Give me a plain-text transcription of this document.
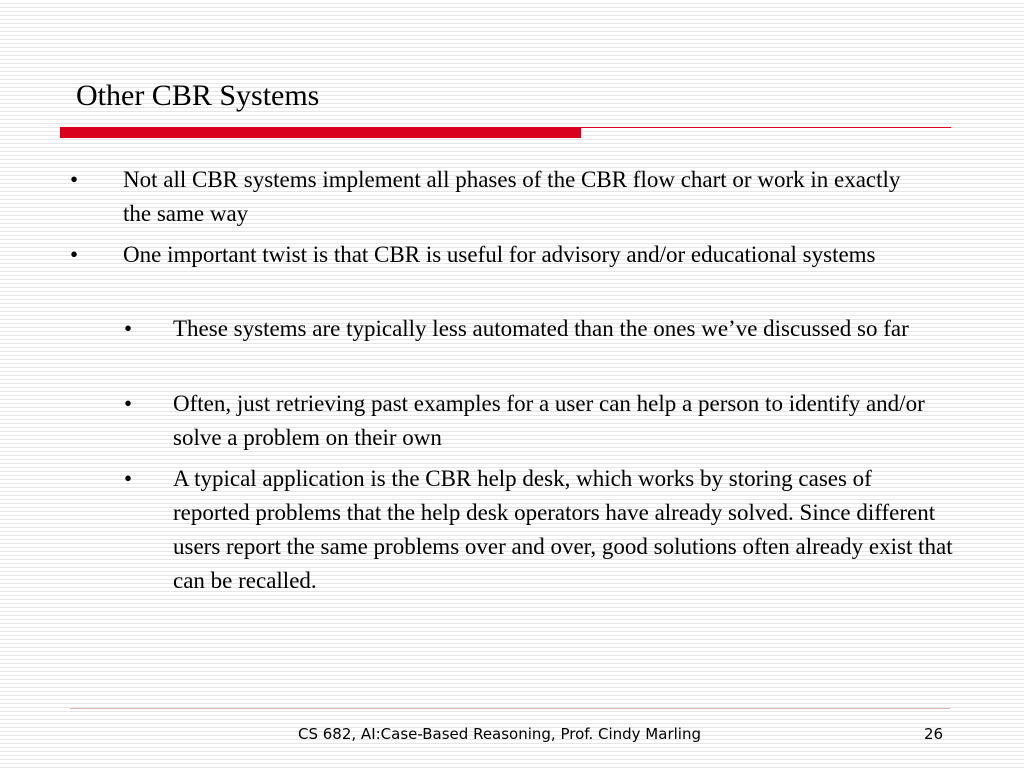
Other CBR Systems
• Not all CBR systems implement all phases of the CBR flow chart or work in exactly the same way
• One important twist is that CBR is useful for advisory and/or educational systems
• These systems are typically less automated than the ones we’ve discussed so far
• Often, just retrieving past examples for a user can help a person to identify and/or solve a problem on their own
• A typical application is the CBR help desk, which works by storing cases of reported problems that the help desk operators have already solved. Since different users report the same problems over and over, good solutions often already exist that can be recalled.
CS 682, AI:Case-Based Reasoning, Prof. Cindy Marling	26
